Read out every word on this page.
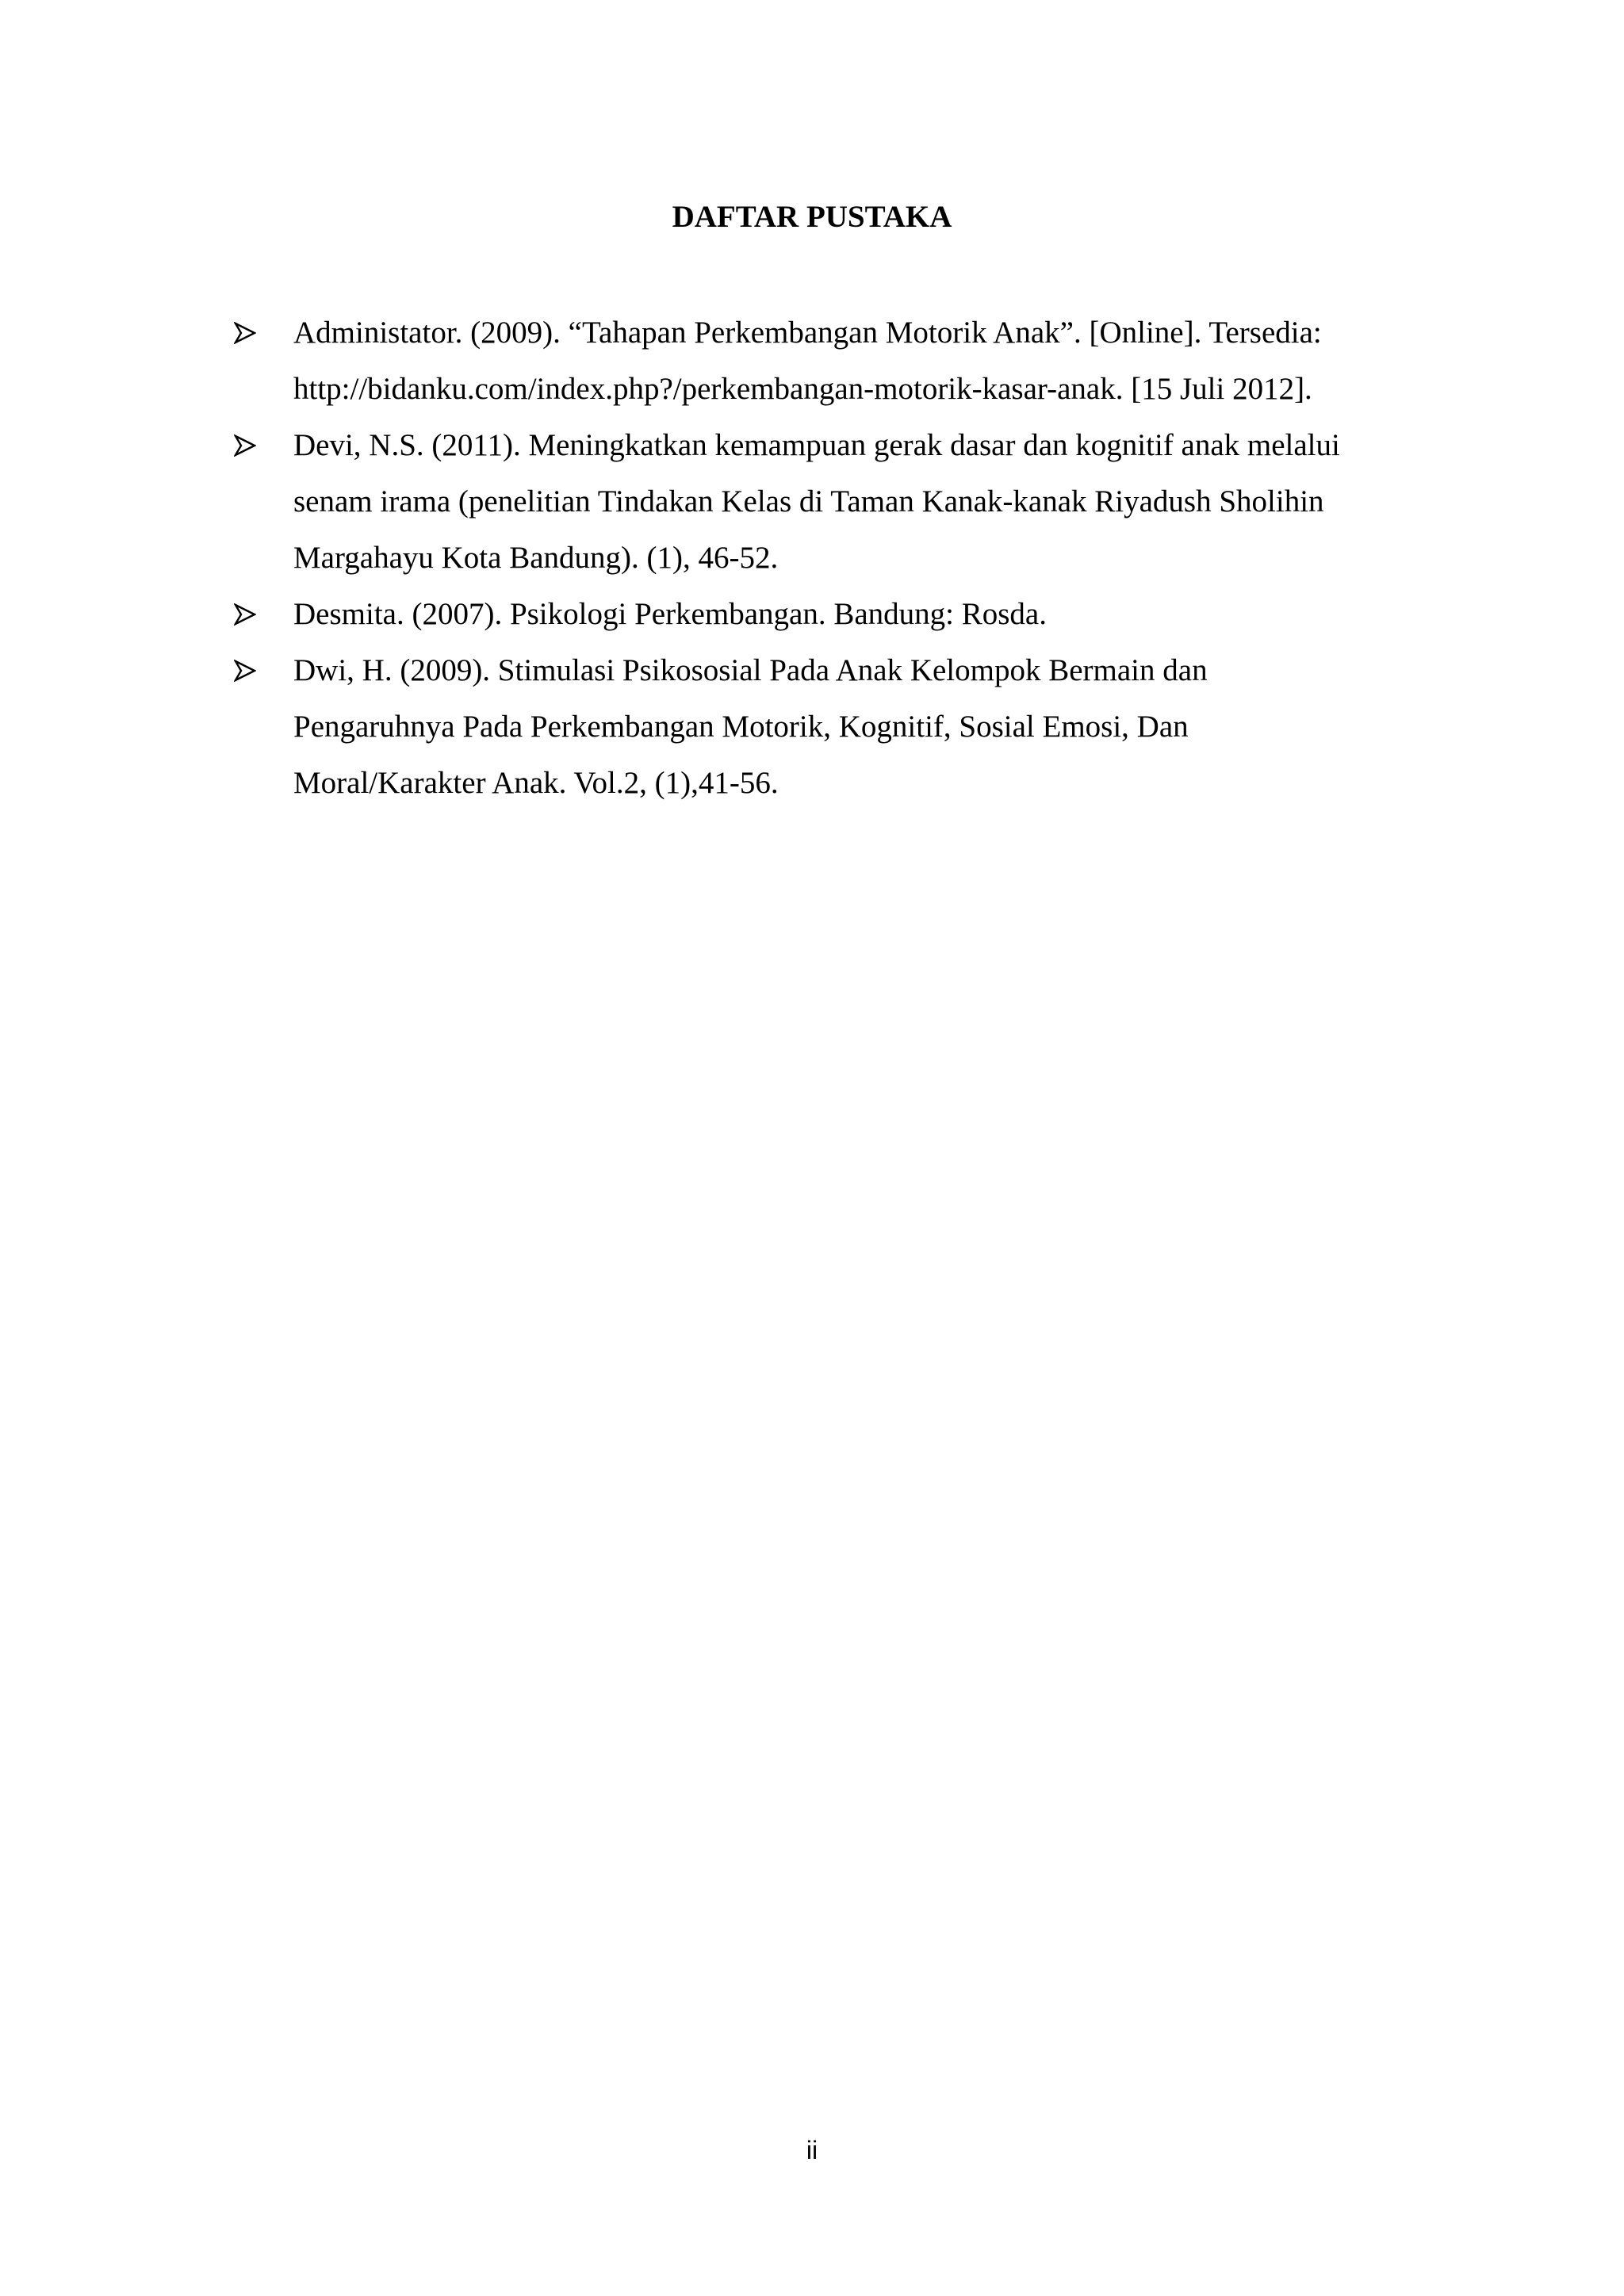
DAFTAR PUSTAKA
Administator. (2009). “Tahapan Perkembangan Motorik Anak”. [Online]. Tersedia:
http://bidanku.com/index.php?/perkembangan-motorik-kasar-anak. [15 Juli 2012].
Devi, N.S. (2011). Meningkatkan kemampuan gerak dasar dan kognitif anak melalui
senam irama (penelitian Tindakan Kelas di Taman Kanak-kanak Riyadush Sholihin
Margahayu Kota Bandung). (1), 46-52.
Desmita. (2007). Psikologi Perkembangan. Bandung: Rosda.
Dwi, H. (2009). Stimulasi Psikososial Pada Anak Kelompok Bermain dan
Pengaruhnya Pada Perkembangan Motorik, Kognitif, Sosial Emosi, Dan
Moral/Karakter Anak. Vol.2, (1),41-56.
ii
